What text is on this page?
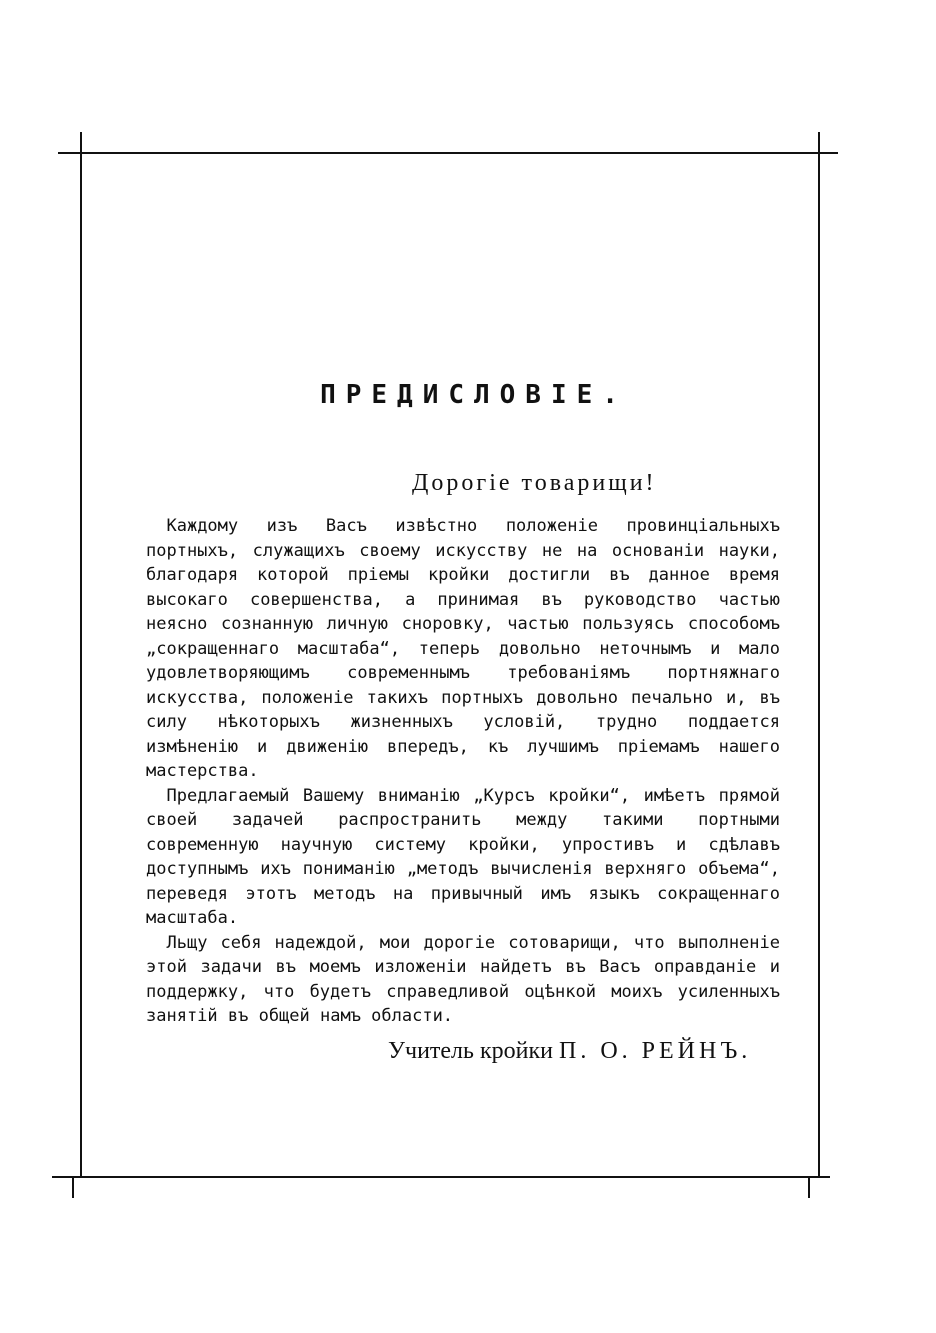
ПРЕДИСЛОВІЕ.
Дорогіе товарищи!

  Каждому изъ Васъ извѣстно положеніе провинціальныхъ портныхъ, служащихъ своему искусству не на основаніи науки, благодаря которой пріемы кройки достигли въ данное время высокаго совершенства, а принимая въ руководство частью неясно сознанную личную сноровку, частью пользуясь способомъ „сокращеннаго масштаба“, теперь довольно неточнымъ и мало удовлетворяющимъ современнымъ требованіямъ портняжнаго искусства, положеніе такихъ портныхъ довольно печально и, въ силу нѣкоторыхъ жизненныхъ условій, трудно поддается измѣненію и движенію впередъ, къ лучшимъ пріемамъ нашего мастерства.

  Предлагаемый Вашему вниманію „Курсъ кройки“, имѣетъ прямой своей задачей распространить между такими портными современную научную систему кройки, упростивъ и сдѣлавъ доступнымъ ихъ пониманію „методъ вычисленія верхняго объема“, переведя этотъ методъ на привычный имъ языкъ сокращеннаго масштаба.

  Льщу себя надеждой, мои дорогіе сотоварищи, что выполненіе этой задачи въ моемъ изложеніи найдетъ въ Васъ оправданіе и поддержку, что будетъ справедливой оцѣнкой моихъ усиленныхъ занятій въ общей намъ области.

Учитель кройки П. О. РЕЙНЪ.
